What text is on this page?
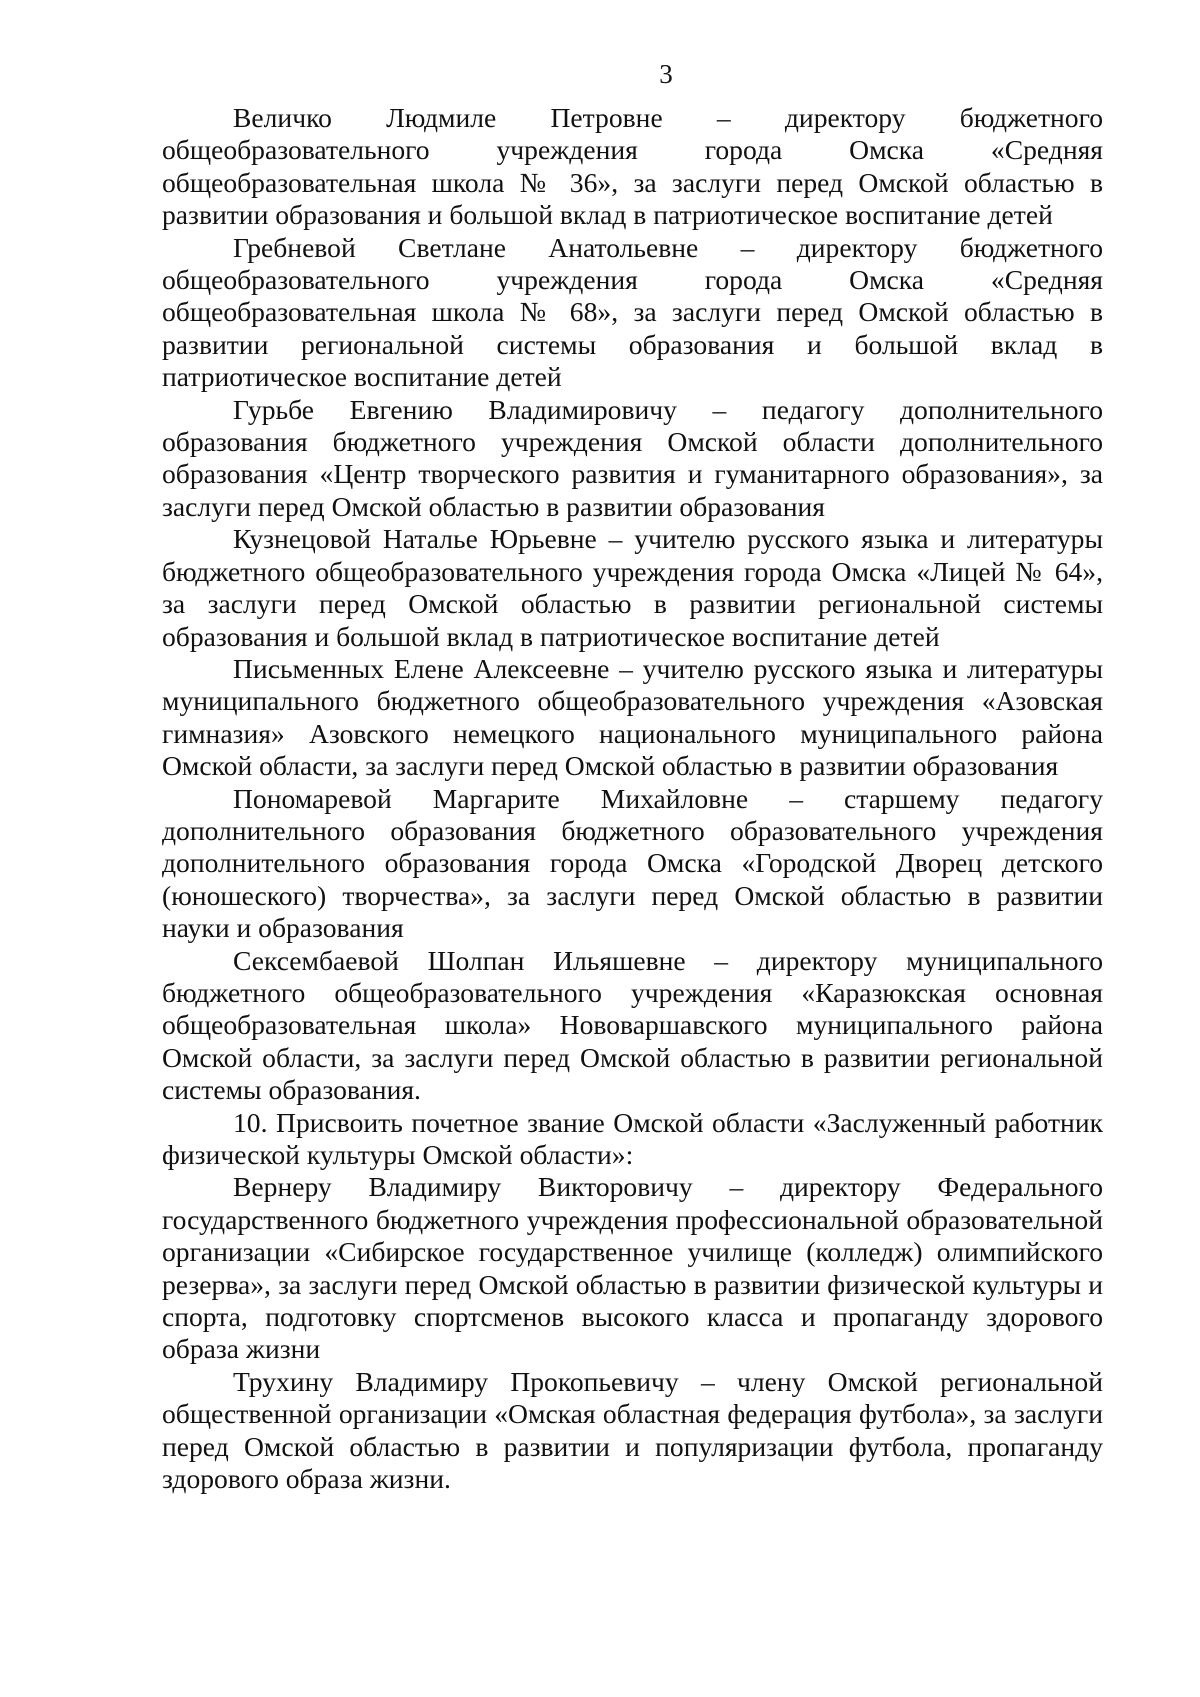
3

Величко Людмиле Петровне – директору бюджетного общеобразовательного учреждения города Омска «Средняя общеобразовательная школа № 36», за заслуги перед Омской областью в развитии образования и большой вклад в патриотическое воспитание детей

Гребневой Светлане Анатольевне – директору бюджетного общеобразовательного учреждения города Омска «Средняя общеобразовательная школа № 68», за заслуги перед Омской областью в развитии региональной системы образования и большой вклад в патриотическое воспитание детей

Гурьбе Евгению Владимировичу – педагогу дополнительного образования бюджетного учреждения Омской области дополнительного образования «Центр творческого развития и гуманитарного образования», за заслуги перед Омской областью в развитии образования

Кузнецовой Наталье Юрьевне – учителю русского языка и литературы бюджетного общеобразовательного учреждения города Омска «Лицей № 64», за заслуги перед Омской областью в развитии региональной системы образования и большой вклад в патриотическое воспитание детей

Письменных Елене Алексеевне – учителю русского языка и литературы муниципального бюджетного общеобразовательного учреждения «Азовская гимназия» Азовского немецкого национального муниципального района Омской области, за заслуги перед Омской областью в развитии образования

Пономаревой Маргарите Михайловне – старшему педагогу дополнительного образования бюджетного образовательного учреждения дополнительного образования города Омска «Городской Дворец детского (юношеского) творчества», за заслуги перед Омской областью в развитии науки и образования

Сексембаевой Шолпан Ильяшевне – директору муниципального бюджетного общеобразовательного учреждения «Каразюкская основная общеобразовательная школа» Нововаршавского муниципального района Омской области, за заслуги перед Омской областью в развитии региональной системы образования.

10. Присвоить почетное звание Омской области «Заслуженный работник физической культуры Омской области»:

Вернеру Владимиру Викторовичу – директору Федерального государственного бюджетного учреждения профессиональной образовательной организации «Сибирское государственное училище (колледж) олимпийского резерва», за заслуги перед Омской областью в развитии физической культуры и спорта, подготовку спортсменов высокого класса и пропаганду здорового образа жизни

Трухину Владимиру Прокопьевичу – члену Омской региональной общественной организации «Омская областная федерация футбола», за заслуги перед Омской областью в развитии и популяризации футбола, пропаганду здорового образа жизни.
